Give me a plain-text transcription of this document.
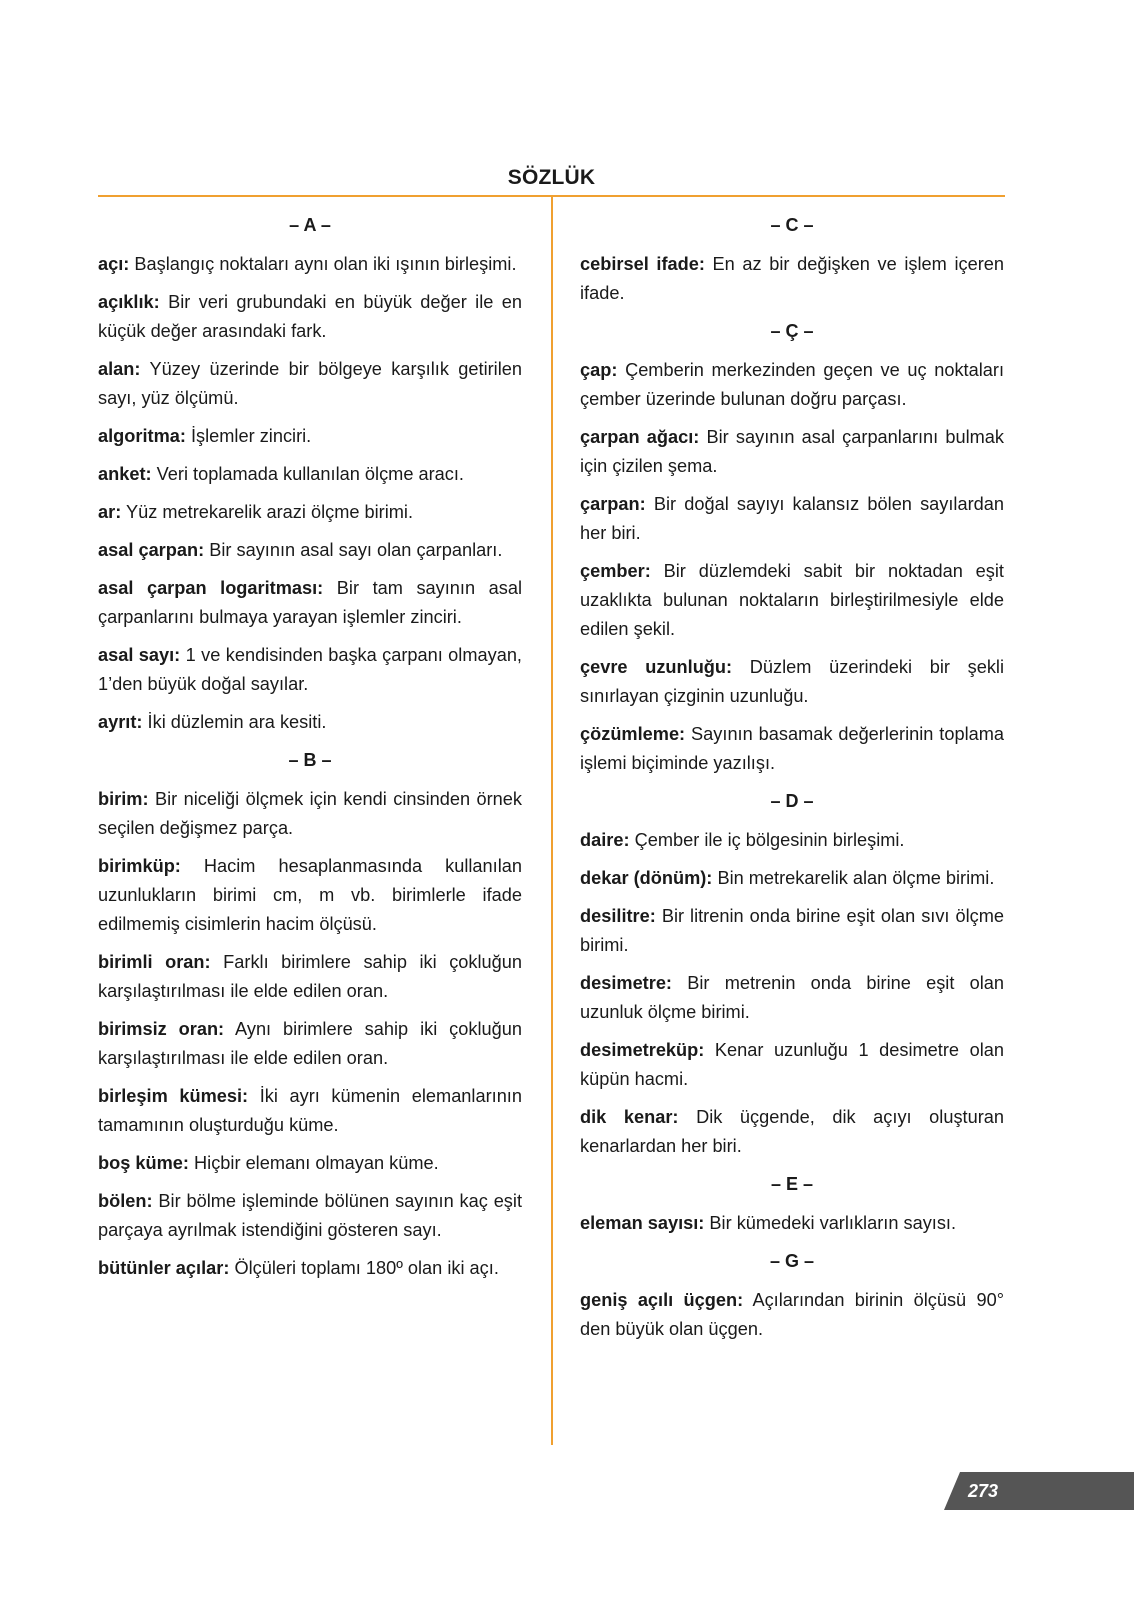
SÖZLÜK
– A –

açı: Başlangıç noktaları aynı olan iki ışının birleşimi.

açıklık: Bir veri grubundaki en büyük değer ile en küçük değer arasındaki fark.

alan: Yüzey üzerinde bir bölgeye karşılık getirilen sayı, yüz ölçümü.

algoritma: İşlemler zinciri.

anket: Veri toplamada kullanılan ölçme aracı.

ar: Yüz metrekarelik arazi ölçme birimi.

asal çarpan: Bir sayının asal sayı olan çarpanları.

asal çarpan logaritması: Bir tam sayının asal çarpanlarını bulmaya yarayan işlemler zinciri.

asal sayı: 1 ve kendisinden başka çarpanı olmayan, 1’den büyük doğal sayılar.

ayrıt: İki düzlemin ara kesiti.

– B –

birim: Bir niceliği ölçmek için kendi cinsinden örnek seçilen değişmez parça.

birimküp: Hacim hesaplanmasında kullanılan uzunlukların birimi cm, m vb. birimlerle ifade edilmemiş cisimlerin hacim ölçüsü.

birimli oran: Farklı birimlere sahip iki çokluğun karşılaştırılması ile elde edilen oran.

birimsiz oran: Aynı birimlere sahip iki çokluğun karşılaştırılması ile elde edilen oran.

birleşim kümesi: İki ayrı kümenin elemanlarının tamamının oluşturduğu küme.

boş küme: Hiçbir elemanı olmayan küme.

bölen: Bir bölme işleminde bölünen sayının kaç eşit parçaya ayrılmak istendiğini gösteren sayı.

bütünler açılar: Ölçüleri toplamı 180º olan iki açı.

– C –

cebirsel ifade: En az bir değişken ve işlem içeren ifade.

– Ç –

çap: Çemberin merkezinden geçen ve uç noktaları çember üzerinde bulunan doğru parçası.

çarpan ağacı: Bir sayının asal çarpanlarını bulmak için çizilen şema.

çarpan: Bir doğal sayıyı kalansız bölen sayılardan her biri.

çember: Bir düzlemdeki sabit bir noktadan eşit uzaklıkta bulunan noktaların birleştirilmesiyle elde edilen şekil.

çevre uzunluğu: Düzlem üzerindeki bir şekli sınırlayan çizginin uzunluğu.

çözümleme: Sayının basamak değerlerinin toplama işlemi biçiminde yazılışı.

– D –

daire: Çember ile iç bölgesinin birleşimi.

dekar (dönüm): Bin metrekarelik alan ölçme birimi.

desilitre: Bir litrenin onda birine eşit olan sıvı ölçme birimi.

desimetre: Bir metrenin onda birine eşit olan uzunluk ölçme birimi.

desimetreküp: Kenar uzunluğu 1 desimetre olan küpün hacmi.

dik kenar: Dik üçgende, dik açıyı oluşturan kenarlardan her biri.

– E –

eleman sayısı: Bir kümedeki varlıkların sayısı.

– G –

geniş açılı üçgen: Açılarından birinin ölçüsü 90° den büyük olan üçgen.

273
